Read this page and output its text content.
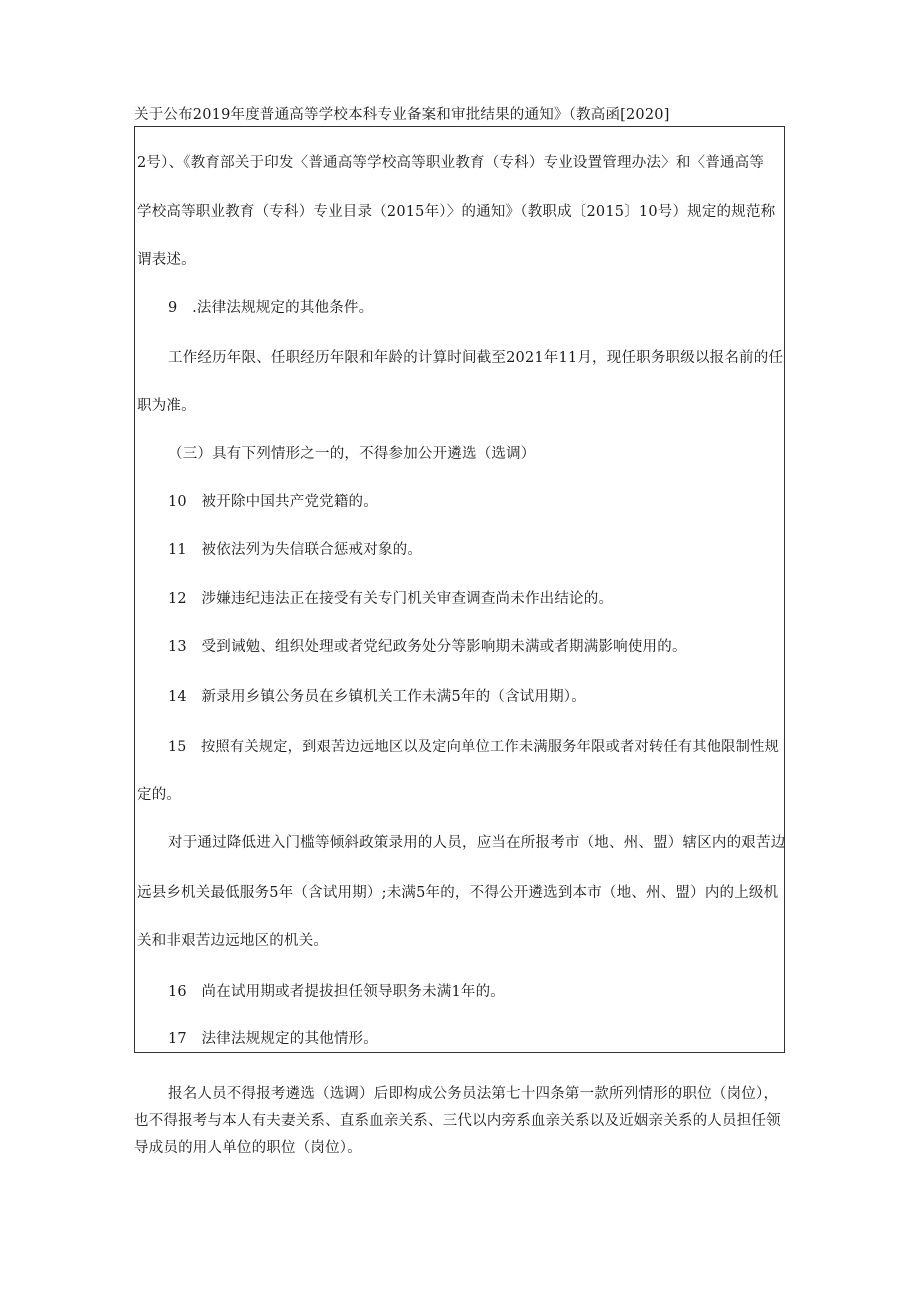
关于公布2019年度普通高等学校本科专业备案和审批结果的通知》（教高函[2020]
2号）、《教育部关于印发〈普通高等学校高等职业教育（专科）专业设置管理办法〉和〈普通高等
学校高等职业教育（专科）专业目录（2015年）〉的通知》（教职成〔2015〕10号）规定的规范称
谓表述。
9　.法律法规规定的其他条件。
工作经历年限、任职经历年限和年龄的计算时间截至2021年11月，现任职务职级以报名前的任
职为准。
（三）具有下列情形之一的，不得参加公开遴选（选调）
10　被开除中国共产党党籍的。
11　被依法列为失信联合惩戒对象的。
12　涉嫌违纪违法正在接受有关专门机关审查调查尚未作出结论的。
13　受到诫勉、组织处理或者党纪政务处分等影响期未满或者期满影响使用的。
14　新录用乡镇公务员在乡镇机关工作未满5年的（含试用期）。
15　按照有关规定，到艰苦边远地区以及定向单位工作未满服务年限或者对转任有其他限制性规
定的。
对于通过降低进入门槛等倾斜政策录用的人员，应当在所报考市（地、州、盟）辖区内的艰苦边
远县乡机关最低服务5年（含试用期）;未满5年的，不得公开遴选到本市（地、州、盟）内的上级机
关和非艰苦边远地区的机关。
16　尚在试用期或者提拔担任领导职务未满1年的。
17　法律法规规定的其他情形。
报名人员不得报考遴选（选调）后即构成公务员法第七十四条第一款所列情形的职位（岗位），
也不得报考与本人有夫妻关系、直系血亲关系、三代以内旁系血亲关系以及近姻亲关系的人员担任领
导成员的用人单位的职位（岗位）。
